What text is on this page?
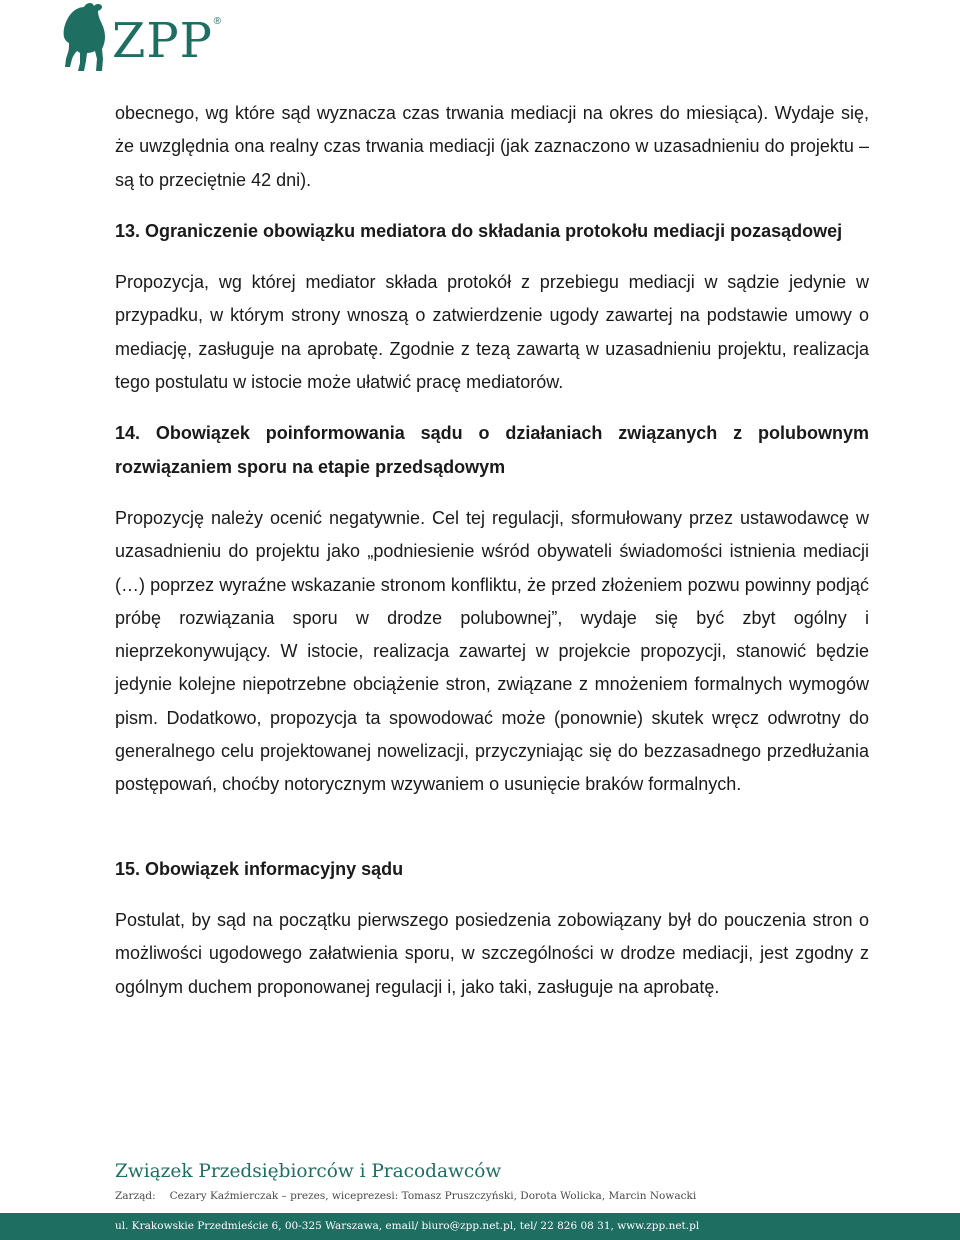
ZPP ®

obecnego, wg które sąd wyznacza czas trwania mediacji na okres do miesiąca). Wydaje się, że uwzględnia ona realny czas trwania mediacji (jak zaznaczono w uzasadnieniu do projektu – są to przeciętnie 42 dni).

13. Ograniczenie obowiązku mediatora do składania protokołu mediacji pozasądowej

Propozycja, wg której mediator składa protokół z przebiegu mediacji w sądzie jedynie w przypadku, w którym strony wnoszą o zatwierdzenie ugody zawartej na podstawie umowy o mediację, zasługuje na aprobatę. Zgodnie z tezą zawartą w uzasadnieniu projektu, realizacja tego postulatu w istocie może ułatwić pracę mediatorów.

14. Obowiązek poinformowania sądu o działaniach związanych z polubownym rozwiązaniem sporu na etapie przedsądowym

Propozycję należy ocenić negatywnie. Cel tej regulacji, sformułowany przez ustawodawcę w uzasadnieniu do projektu jako „podniesienie wśród obywateli świadomości istnienia mediacji (…) poprzez wyraźne wskazanie stronom konfliktu, że przed złożeniem pozwu powinny podjąć próbę rozwiązania sporu w drodze polubownej”, wydaje się być zbyt ogólny i nieprzekonywujący. W istocie, realizacja zawartej w projekcie propozycji, stanowić będzie jedynie kolejne niepotrzebne obciążenie stron, związane z mnożeniem formalnych wymogów pism. Dodatkowo, propozycja ta spowodować może (ponownie) skutek wręcz odwrotny do generalnego celu projektowanej nowelizacji, przyczyniając się do bezzasadnego przedłużania postępowań, choćby notorycznym wzywaniem o usunięcie braków formalnych.

15. Obowiązek informacyjny sądu

Postulat, by sąd na początku pierwszego posiedzenia zobowiązany był do pouczenia stron o możliwości ugodowego załatwienia sporu, w szczególności w drodze mediacji, jest zgodny z ogólnym duchem proponowanej regulacji i, jako taki, zasługuje na aprobatę.

Związek Przedsiębiorców i Pracodawców
Zarząd: Cezary Kaźmierczak – prezes, wiceprezesi: Tomasz Pruszczyński, Dorota Wolicka, Marcin Nowacki
ul. Krakowskie Przedmieście 6, 00-325 Warszawa, email/ biuro@zpp.net.pl, tel/ 22 826 08 31, www.zpp.net.pl
